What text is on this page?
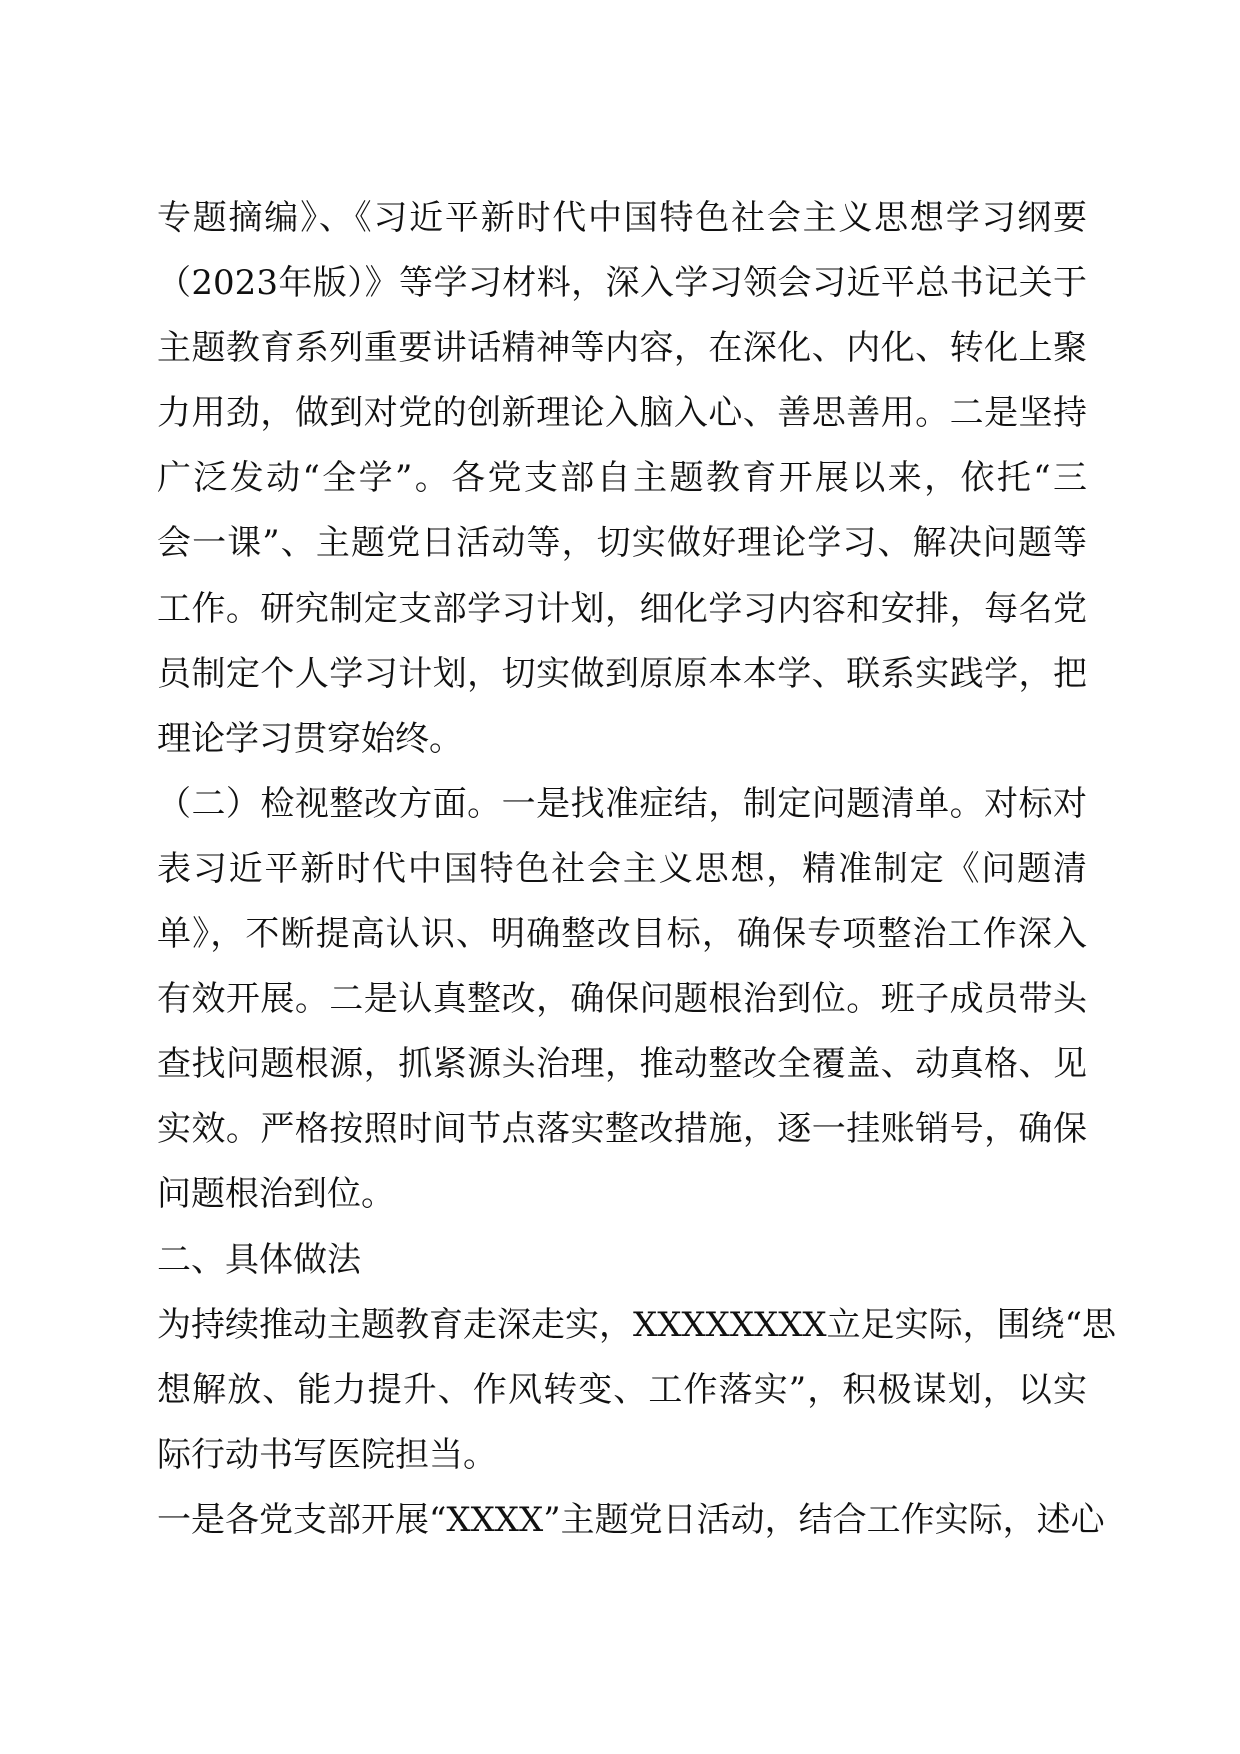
专题摘编》、《习近平新时代中国特色社会主义思想学习纲要
（2023年版）》等学习材料，深入学习领会习近平总书记关于
主题教育系列重要讲话精神等内容，在深化、内化、转化上聚
力用劲，做到对党的创新理论入脑入心、善思善用。二是坚持
广泛发动“全学”。各党支部自主题教育开展以来，依托“三
会一课”、主题党日活动等，切实做好理论学习、解决问题等
工作。研究制定支部学习计划，细化学习内容和安排，每名党
员制定个人学习计划，切实做到原原本本学、联系实践学，把
理论学习贯穿始终。
（二）检视整改方面。一是找准症结，制定问题清单。对标对
表习近平新时代中国特色社会主义思想，精准制定《问题清
单》，不断提高认识、明确整改目标，确保专项整治工作深入
有效开展。二是认真整改，确保问题根治到位。班子成员带头
查找问题根源，抓紧源头治理，推动整改全覆盖、动真格、见
实效。严格按照时间节点落实整改措施，逐一挂账销号，确保
问题根治到位。
二、具体做法
为持续推动主题教育走深走实，XXXXXXXX立足实际，围绕“思
想解放、能力提升、作风转变、工作落实”，积极谋划，以实
际行动书写医院担当。
一是各党支部开展“XXXX”主题党日活动，结合工作实际，述心
